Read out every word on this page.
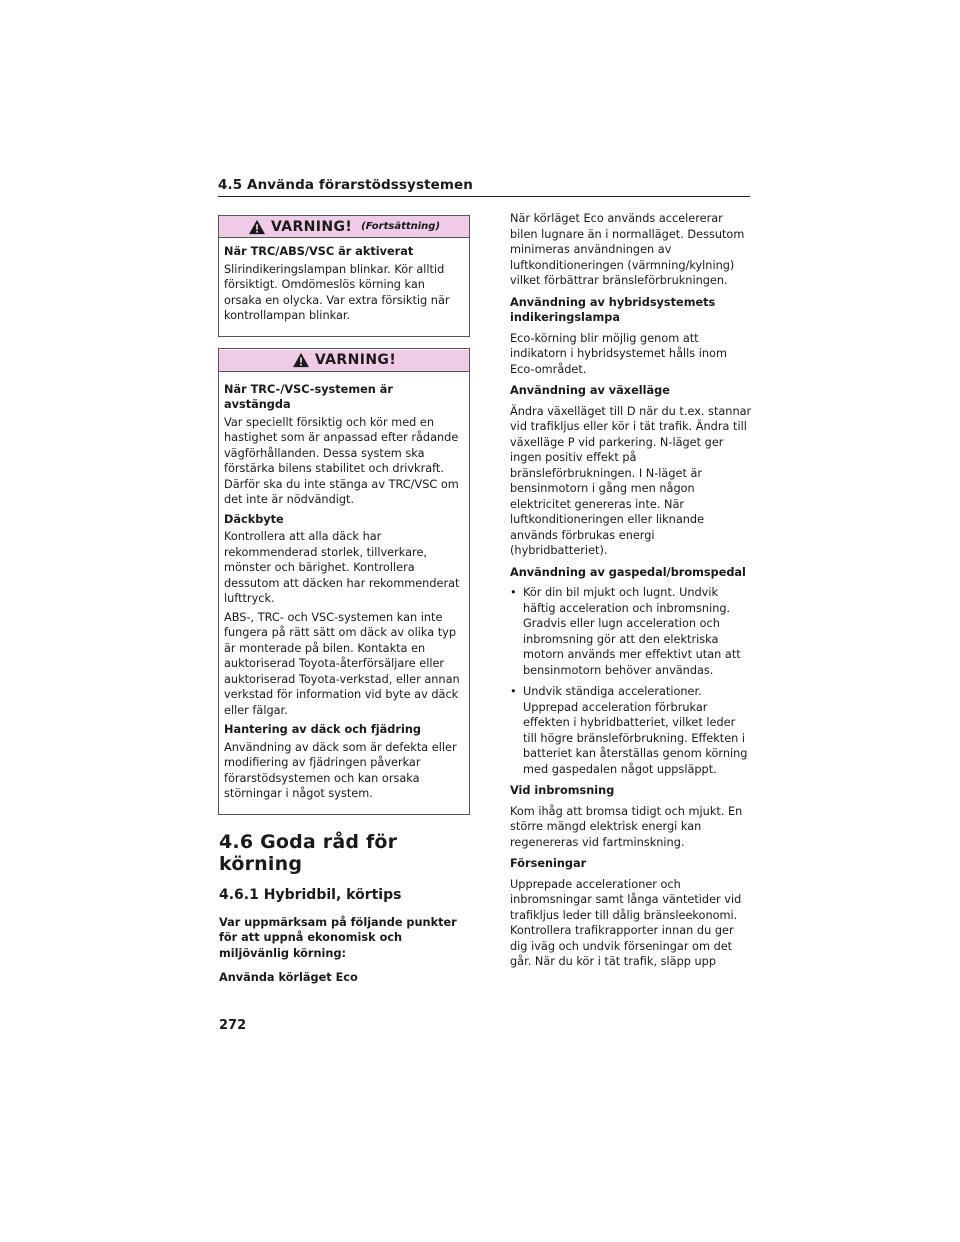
4.5 Använda förarstödssystemen
VARNING! (Fortsättning)
När TRC/ABS/VSC är aktiverat
Slirindikeringslampan blinkar. Kör alltid försiktigt. Omdömeslös körning kan orsaka en olycka. Var extra försiktig när kontrollampan blinkar.
VARNING!
När TRC-/VSC-systemen är avstängda
Var speciellt försiktig och kör med en hastighet som är anpassad efter rådande vägförhållanden. Dessa system ska förstärka bilens stabilitet och drivkraft. Därför ska du inte stänga av TRC/VSC om det inte är nödvändigt.
Däckbyte
Kontrollera att alla däck har rekommenderad storlek, tillverkare, mönster och bärighet. Kontrollera dessutom att däcken har rekommenderat lufttryck.
ABS-, TRC- och VSC-systemen kan inte fungera på rätt sätt om däck av olika typ är monterade på bilen. Kontakta en auktoriserad Toyota-återförsäljare eller auktoriserad Toyota-verkstad, eller annan verkstad för information vid byte av däck eller fälgar.
Hantering av däck och fjädring
Användning av däck som är defekta eller modifiering av fjädringen påverkar förarstödsystemen och kan orsaka störningar i något system.
4.6 Goda råd för körning
4.6.1 Hybridbil, körtips
Var uppmärksam på följande punkter för att uppnå ekonomisk och miljövänlig körning:
Använda körläget Eco
När körläget Eco används accelererar bilen lugnare än i normalläget. Dessutom minimeras användningen av luftkonditioneringen (värmning/kylning) vilket förbättrar bränsleförbrukningen.
Användning av hybridsystemets indikeringslampa
Eco-körning blir möjlig genom att indikatorn i hybridsystemet hålls inom Eco-området.
Användning av växelläge
Ändra växelläget till D när du t.ex. stannar vid trafikljus eller kör i tät trafik. Ändra till växelläge P vid parkering. N-läget ger ingen positiv effekt på bränsleförbrukningen. I N-läget är bensinmotorn i gång men någon elektricitet genereras inte. När luftkonditioneringen eller liknande används förbrukas energi (hybridbatteriet).
Användning av gaspedal/bromspedal
• Kör din bil mjukt och lugnt. Undvik häftig acceleration och inbromsning. Gradvis eller lugn acceleration och inbromsning gör att den elektriska motorn används mer effektivt utan att bensinmotorn behöver användas.
• Undvik ständiga accelerationer. Upprepad acceleration förbrukar effekten i hybridbatteriet, vilket leder till högre bränsleförbrukning. Effekten i batteriet kan återställas genom körning med gaspedalen något uppsläppt.
Vid inbromsning
Kom ihåg att bromsa tidigt och mjukt. En större mängd elektrisk energi kan regenereras vid fartminskning.
Förseningar
Upprepade accelerationer och inbromsningar samt långa väntetider vid trafikljus leder till dålig bränsleekonomi. Kontrollera trafikrapporter innan du ger dig iväg och undvik förseningar om det går. När du kör i tät trafik, släpp upp
272
